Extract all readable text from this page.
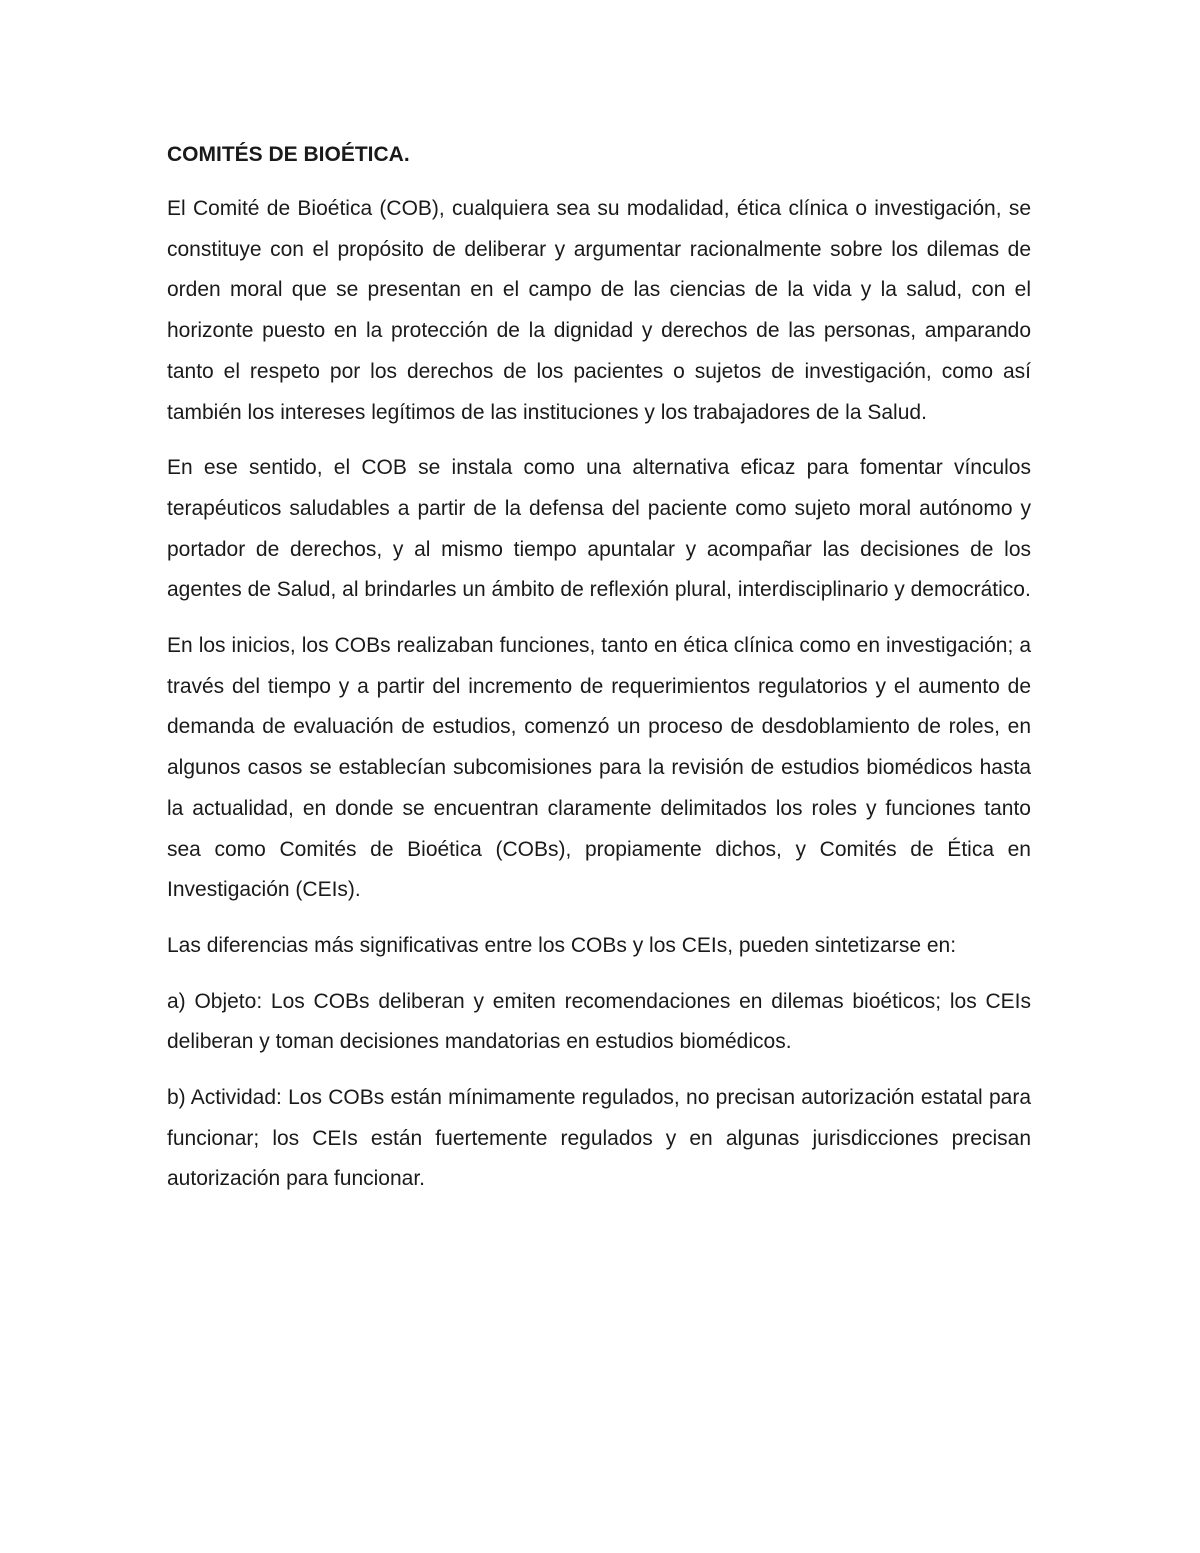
COMITÉS DE BIOÉTICA.

El Comité de Bioética (COB), cualquiera sea su modalidad, ética clínica o investigación, se constituye con el propósito de deliberar y argumentar racionalmente sobre los dilemas de orden moral que se presentan en el campo de las ciencias de la vida y la salud, con el horizonte puesto en la protección de la dignidad y derechos de las personas, amparando tanto el respeto por los derechos de los pacientes o sujetos de investigación, como así también los intereses legítimos de las instituciones y los trabajadores de la Salud.

En ese sentido, el COB se instala como una alternativa eficaz para fomentar vínculos terapéuticos saludables a partir de la defensa del paciente como sujeto moral autónomo y portador de derechos, y al mismo tiempo apuntalar y acompañar las decisiones de los agentes de Salud, al brindarles un ámbito de reflexión plural, interdisciplinario y democrático.

En los inicios, los COBs realizaban funciones, tanto en ética clínica como en investigación; a través del tiempo y a partir del incremento de requerimientos regulatorios y el aumento de demanda de evaluación de estudios, comenzó un proceso de desdoblamiento de roles, en algunos casos se establecían subcomisiones para la revisión de estudios biomédicos hasta la actualidad, en donde se encuentran claramente delimitados los roles y funciones tanto sea como Comités de Bioética (COBs), propiamente dichos, y Comités de Ética en Investigación (CEIs).

Las diferencias más significativas entre los COBs y los CEIs, pueden sintetizarse en:

a) Objeto: Los COBs deliberan y emiten recomendaciones en dilemas bioéticos; los CEIs deliberan y toman decisiones mandatorias en estudios biomédicos.

b) Actividad: Los COBs están mínimamente regulados, no precisan autorización estatal para funcionar; los CEIs están fuertemente regulados y en algunas jurisdicciones precisan autorización para funcionar.
